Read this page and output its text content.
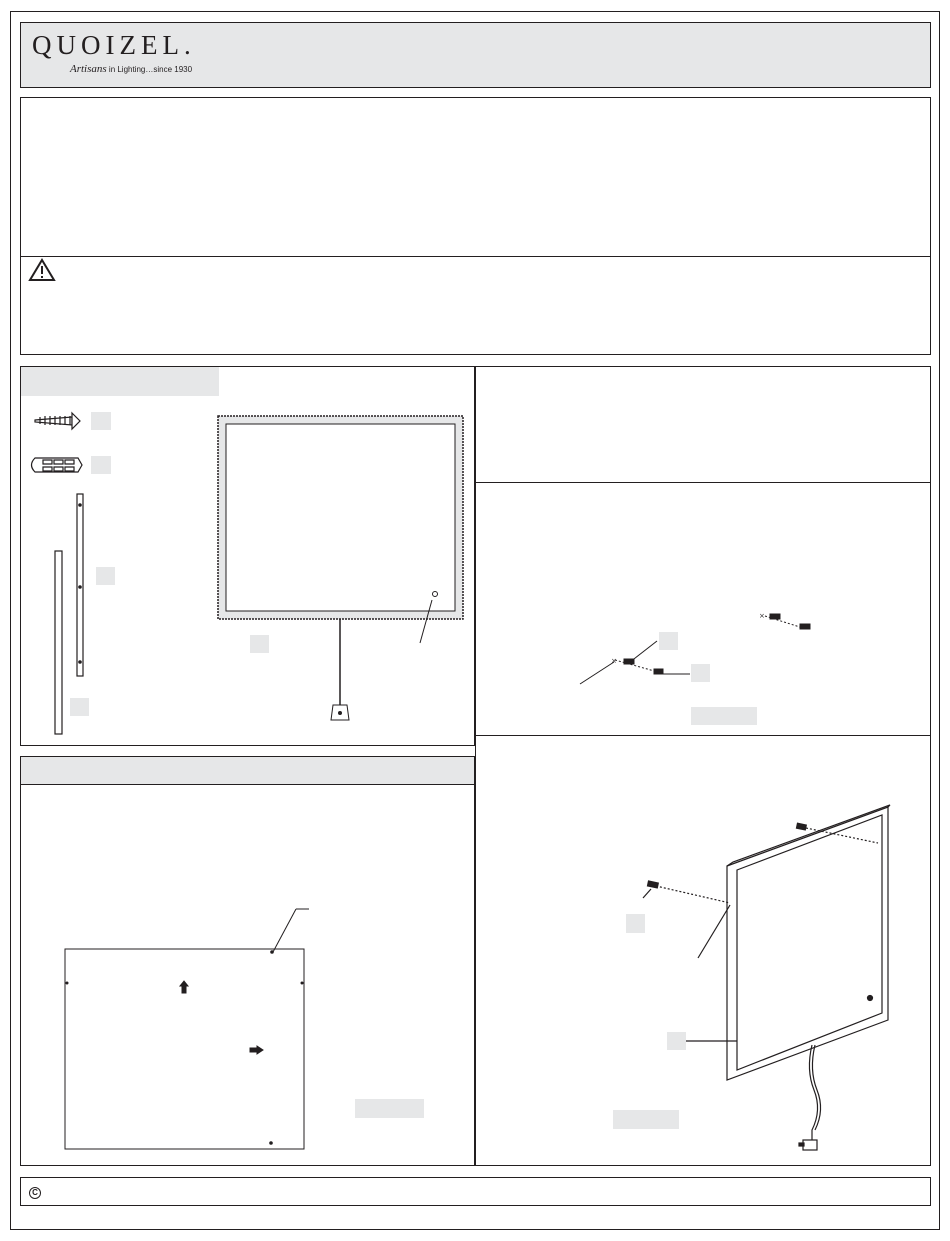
QUOIZEL.
Artisans in Lighting…since 1930
×
×
C
